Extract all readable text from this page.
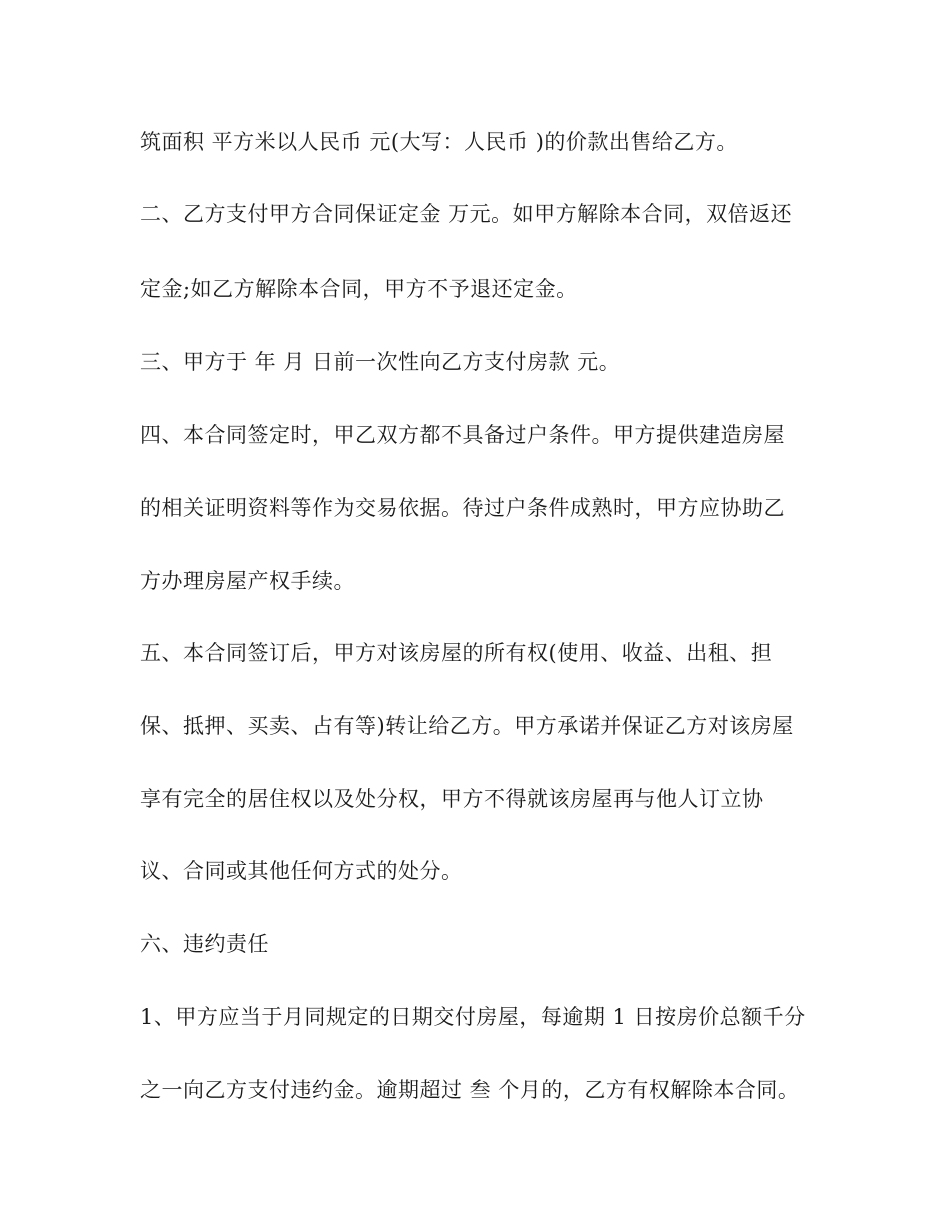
筑面积 平方米以人民币 元(大写：人民币 )的价款出售给乙方。
二、乙方支付甲方合同保证定金 万元。如甲方解除本合同，双倍返还
定金;如乙方解除本合同，甲方不予退还定金。
三、甲方于 年 月 日前一次性向乙方支付房款 元。
四、本合同签定时，甲乙双方都不具备过户条件。甲方提供建造房屋
的相关证明资料等作为交易依据。待过户条件成熟时，甲方应协助乙
方办理房屋产权手续。
五、本合同签订后，甲方对该房屋的所有权(使用、收益、出租、担
保、抵押、买卖、占有等)转让给乙方。甲方承诺并保证乙方对该房屋
享有完全的居住权以及处分权，甲方不得就该房屋再与他人订立协
议、合同或其他任何方式的处分。
六、违约责任
1、甲方应当于月同规定的日期交付房屋，每逾期 1 日按房价总额千分
之一向乙方支付违约金。逾期超过 叁 个月的，乙方有权解除本合同。
